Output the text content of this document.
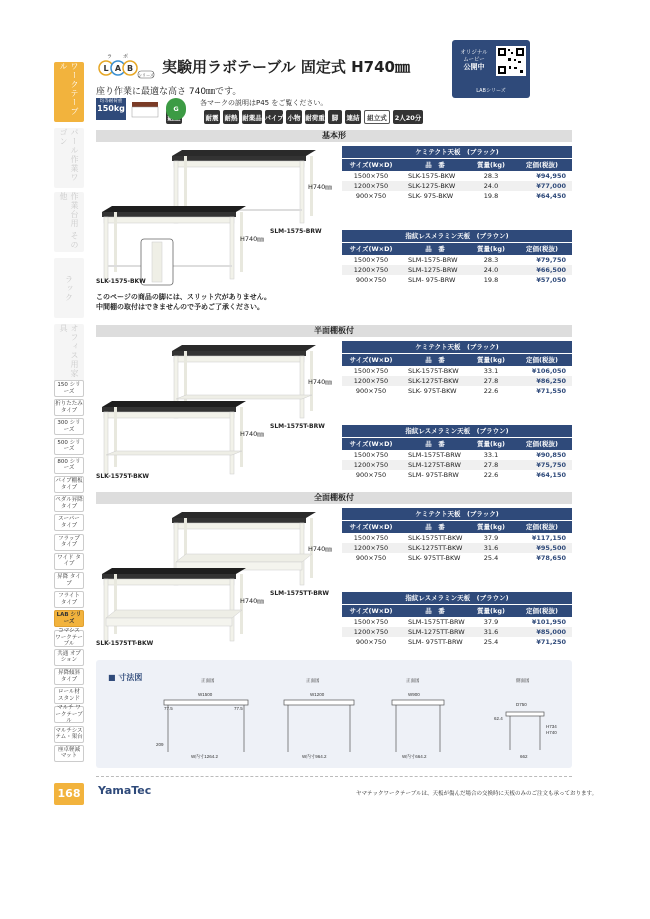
ワークテーブル
パール作業ワゴン
作業台用 その他
ラック
オフィス用家具
150 シリーズ
折りたたみ タイプ
300 シリーズ
500 シリーズ
800 シリーズ
パイプ棚板 タイプ
ペダル昇降 タイプ
スーパー タイプ
フラップ タイプ
ワイド タイプ
昇降 タイプ
フライト タイプ
LAB シリーズ
コマシス ワークテーブル
共通 オプション
昇降傾斜 タイプ
ロール材 スタンド
マルチ ワークテーブル
マルチシス テム・架台
座卓軽減 マット
L A B
シリーズ
ラ ボ
実験用ラボテーブル 固定式 H740㎜
座り作業に最適な高さ 740㎜です。
オリジナル
ムービー
公開中
LABシリーズ
均等耐荷重
150kg
各マークの説明はP45 をご覧ください。
G
耐震 耐熱 耐薬品 パイプ 小物 耐荷重	脚	連結	組立式	2人20分
基本形
H740㎜
H740㎜
SLM-1575-BRW
SLK-1575-BKW
ケミテクト天板　(ブラック)
サイズ(W×D)	品　番	質量(kg)	定価(税抜)
1500×750	SLK-1575-BKW	28.3	¥94,950
1200×750	SLK-1275-BKW	24.0	¥77,000
900×750	SLK- 975-BKW	19.8	¥64,450
指紋レスメラミン天板　(ブラウン)
サイズ(W×D)	品　番	質量(kg)	定価(税抜)
1500×750	SLM-1575-BRW	28.3	¥79,750
1200×750	SLM-1275-BRW	24.0	¥66,500
900×750	SLM- 975-BRW	19.8	¥57,050
半面棚板付
H740㎜
H740㎜
SLM-1575T-BRW
SLK-1575T-BKW
ケミテクト天板　(ブラック)
サイズ(W×D)	品　番	質量(kg)	定価(税抜)
1500×750	SLK-1575T-BKW	33.1	¥106,050
1200×750	SLK-1275T-BKW	27.8	¥86,250
900×750	SLK- 975T-BKW	22.6	¥71,550
指紋レスメラミン天板　(ブラウン)
サイズ(W×D)	品　番	質量(kg)	定価(税抜)
1500×750	SLM-1575T-BRW	33.1	¥90,850
1200×750	SLM-1275T-BRW	27.8	¥75,750
900×750	SLM- 975T-BRW	22.6	¥64,150
全面棚板付
H740㎜
H740㎜
SLM-1575TT-BRW
SLK-1575TT-BKW
ケミテクト天板　(ブラック)
サイズ(W×D)	品　番	質量(kg)	定価(税抜)
1500×750	SLK-1575TT-BKW	37.9	¥117,150
1200×750	SLK-1275TT-BKW	31.6	¥95,500
900×750	SLK- 975TT-BKW	25.4	¥78,650
指紋レスメラミン天板　(ブラウン)
サイズ(W×D)	品　番	質量(kg)	定価(税抜)
1500×750	SLM-1575TT-BRW	37.9	¥101,950
1200×750	SLM-1275TT-BRW	31.6	¥85,000
900×750	SLM- 975TT-BRW	25.4	¥71,250
このページの商品の脚には、スリット穴がありません。
中間棚の取付はできませんので予めご了承ください。
■ 寸法図	正面図	正面図	正面図	側面図
W1500	W1200	W900
D750
77.5	77.5
H734
H740
662
W内寸1264.2	W内寸964.2	W内寸664.2
62.4
209
168	YamaTec	ヤマテックワークテーブルは、天板が傷んだ場合の交換時に天板のみのご注文も承っております。
